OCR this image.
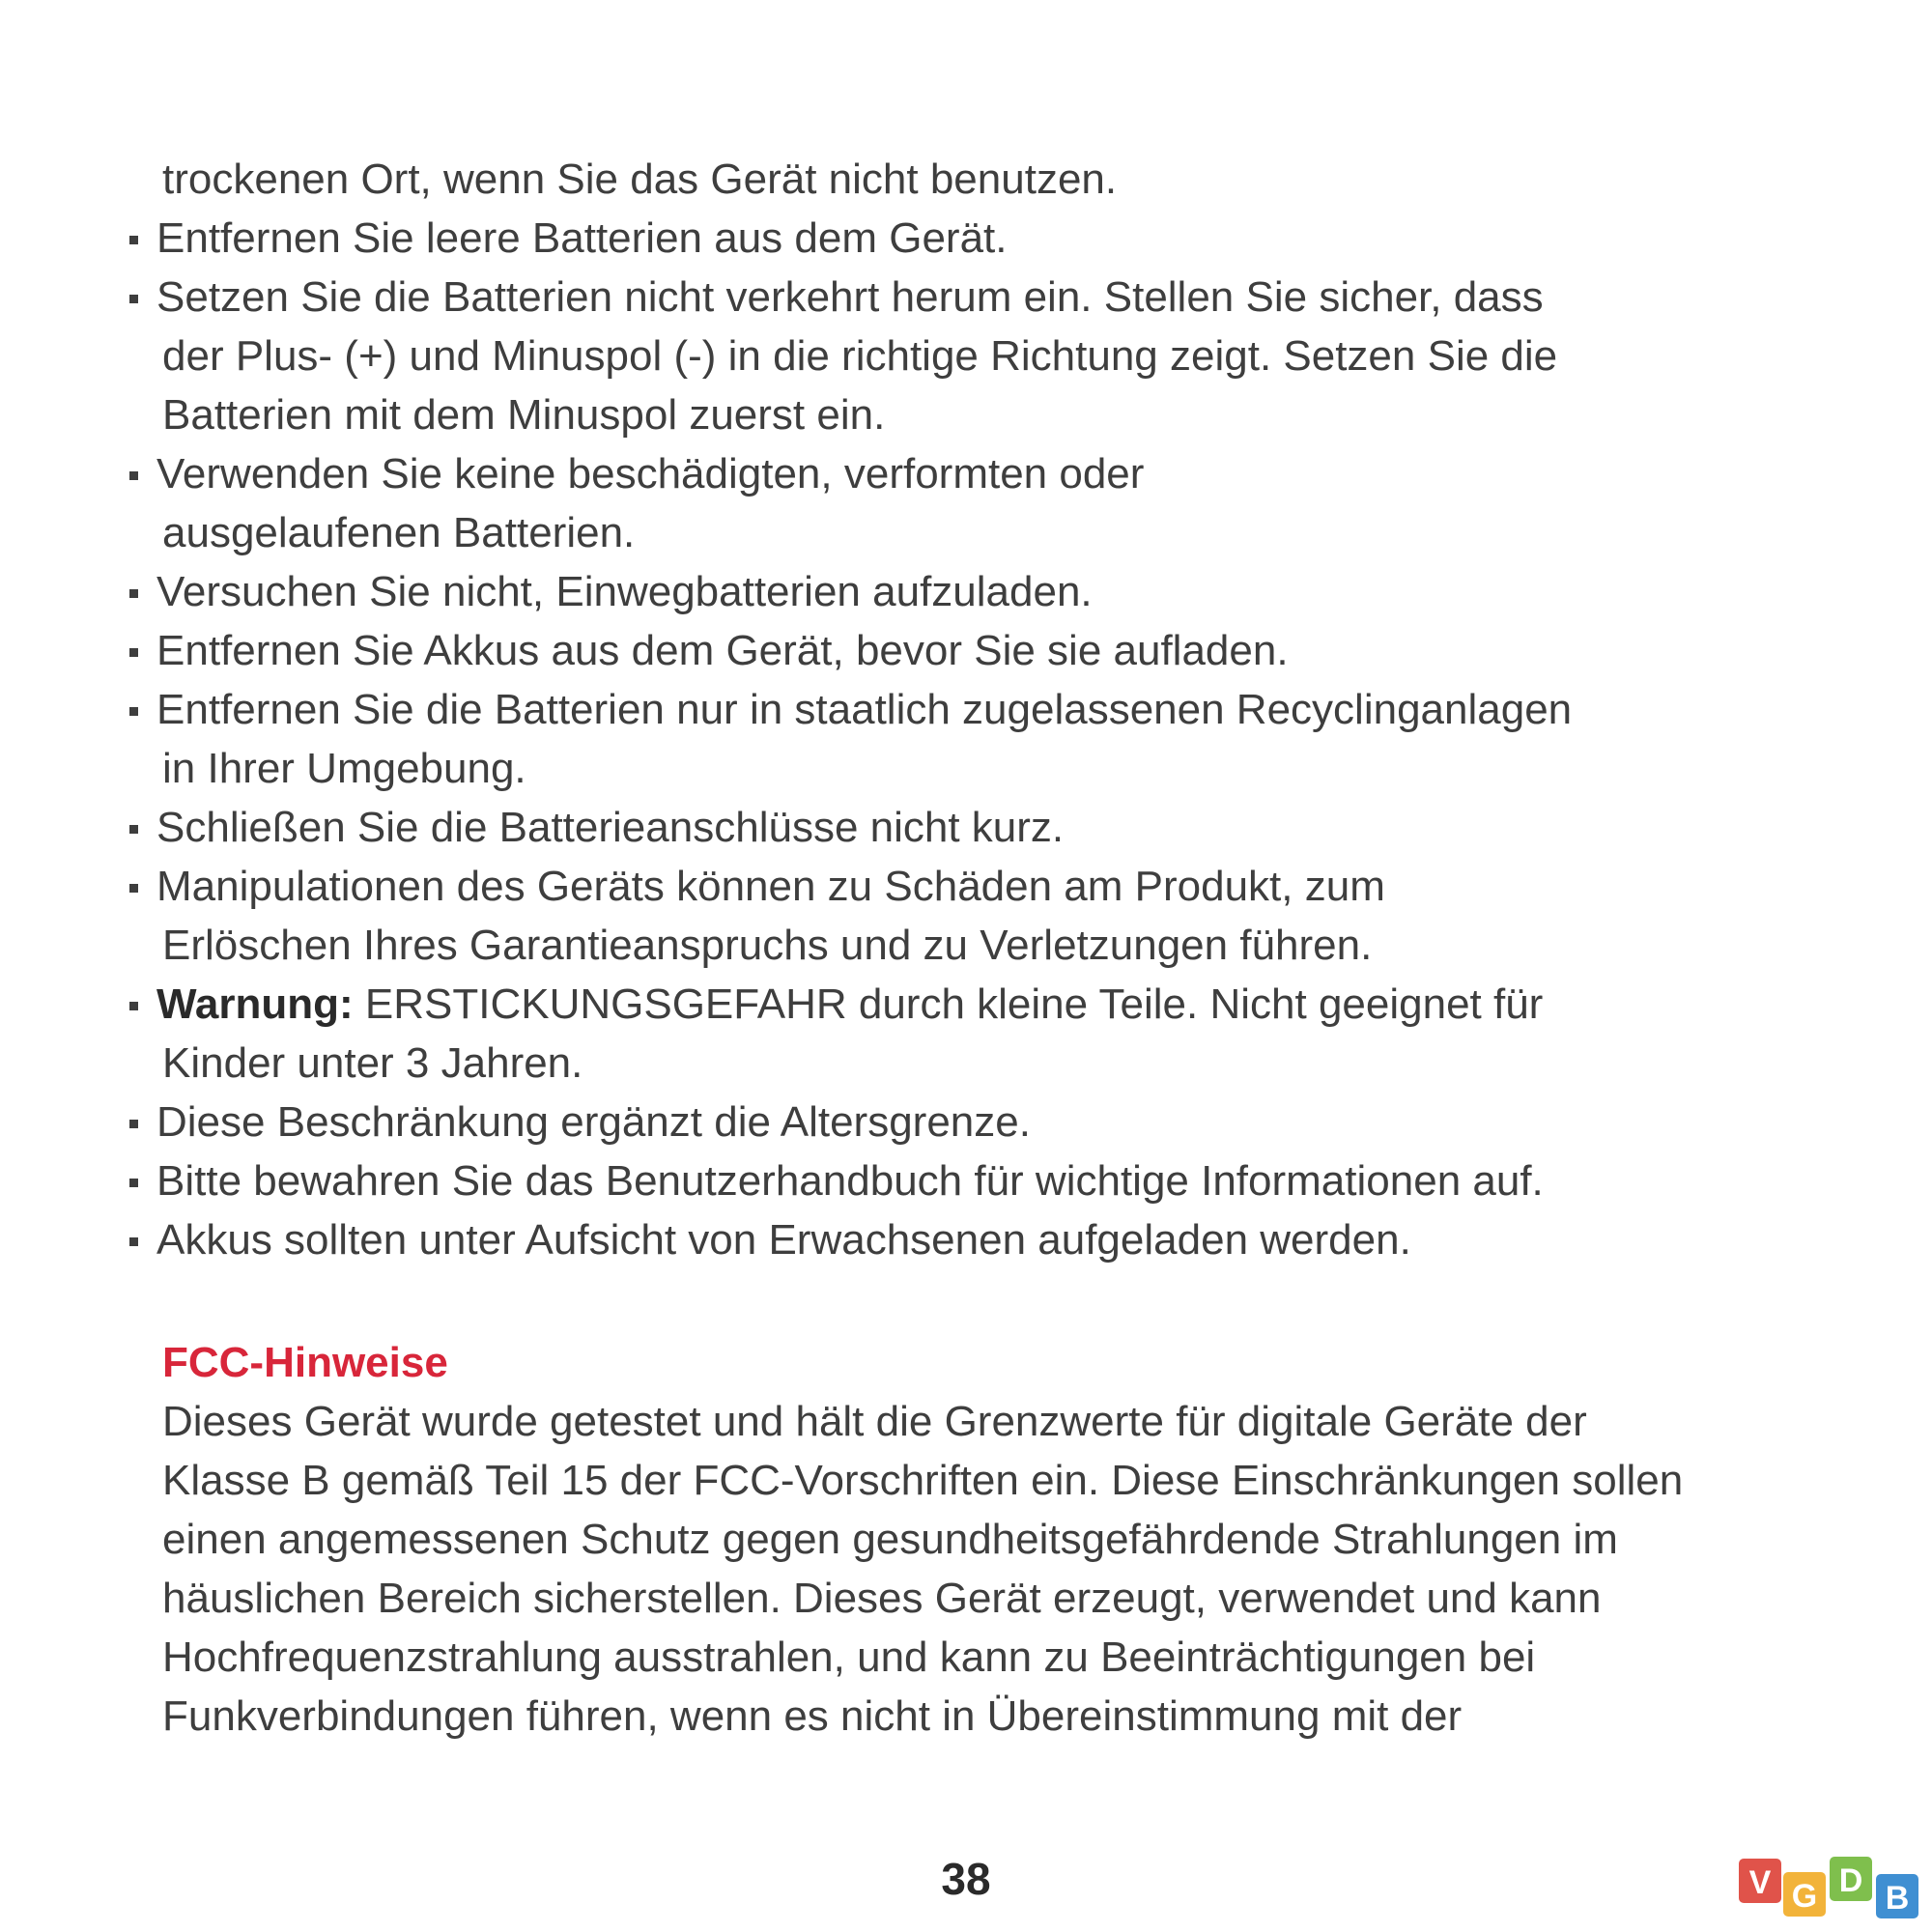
trockenen Ort, wenn Sie das Gerät nicht benutzen.
Entfernen Sie leere Batterien aus dem Gerät.
Setzen Sie die Batterien nicht verkehrt herum ein. Stellen Sie sicher, dass
der Plus- (+) und Minuspol (-) in die richtige Richtung zeigt. Setzen Sie die
Batterien mit dem Minuspol zuerst ein.
Verwenden Sie keine beschädigten, verformten oder
ausgelaufenen Batterien.
Versuchen Sie nicht, Einwegbatterien aufzuladen.
Entfernen Sie Akkus aus dem Gerät, bevor Sie sie aufladen.
Entfernen Sie die Batterien nur in staatlich zugelassenen Recyclinganlagen
in Ihrer Umgebung.
Schließen Sie die Batterieanschlüsse nicht kurz.
Manipulationen des Geräts können zu Schäden am Produkt, zum
Erlöschen Ihres Garantieanspruchs und zu Verletzungen führen.
Warnung: ERSTICKUNGSGEFAHR durch kleine Teile. Nicht geeignet für
Kinder unter 3 Jahren.
Diese Beschränkung ergänzt die Altersgrenze.
Bitte bewahren Sie das Benutzerhandbuch für wichtige Informationen auf.
Akkus sollten unter Aufsicht von Erwachsenen aufgeladen werden.
FCC-Hinweise

Dieses Gerät wurde getestet und hält die Grenzwerte für digitale Geräte der
Klasse B gemäß Teil 15 der FCC-Vorschriften ein. Diese Einschränkungen sollen
einen angemessenen Schutz gegen gesundheitsgefährdende Strahlungen im
häuslichen Bereich sicherstellen. Dieses Gerät erzeugt, verwendet und kann
Hochfrequenzstrahlung ausstrahlen, und kann zu Beeinträchtigungen bei
Funkverbindungen führen, wenn es nicht in Übereinstimmung mit der

38	V G D B
